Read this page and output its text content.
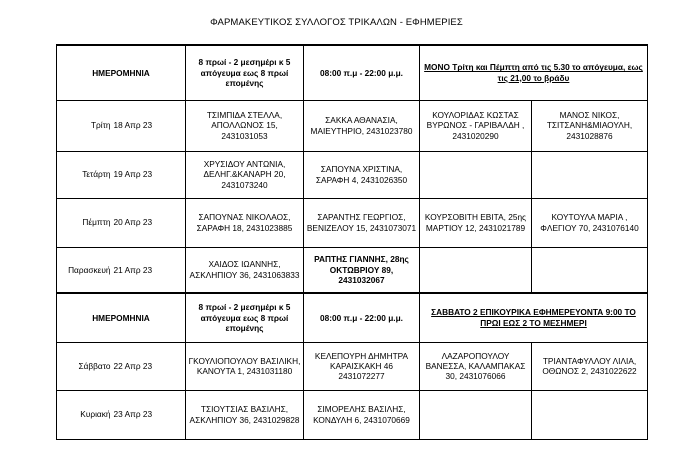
ΦΑΡΜΑΚΕΥΤΙΚΟΣ ΣΥΛΛΟΓΟΣ ΤΡΙΚΑΛΩΝ - ΕΦΗΜΕΡΙΕΣ
ΗΜΕΡΟΜΗΝΙΑ		8 πρωί - 2 μεσημέρι κ 5 απόγευμα εως 8 πρωί επομένης	08:00 π.μ - 22:00 μ.μ.	ΜΟΝΟ Τρίτη και Πέμπτη από τις 5.30 το απόγευμα, εως τις 21,00 το βράδυ	
Τρίτη	18 Απρ 23	ΤΣΙΜΠΙΔΑ ΣΤΕΛΛΑ, ΑΠΟΛΛΩΝΟΣ 15, 2431031053	ΣΑΚΚΑ ΑΘΑΝΑΣΙΑ, ΜΑΙΕΥΤΗΡΙΟ, 2431023780	ΚΟΥΛΟΡΙΔΑΣ ΚΩΣΤΑΣ ΒΥΡΩΝΟΣ - ΓΑΡΙΒΑΛΔΗ , 2431020290	ΜΑΝΟΣ ΝΙΚΟΣ, ΤΣΙΤΣΑΝΗ&ΜΙΑΟΥΛΗ, 2431028876
Τετάρτη	19 Απρ 23	ΧΡΥΣΙΔΟΥ ΑΝΤΩΝΙΑ, ΔΕΛΗΓ.&ΚΑΝΑΡΗ 20, 2431073240	ΣΑΠΟΥΝΑ ΧΡΙΣΤΙΝΑ, ΣΑΡΑΦΗ 4, 2431026350		
Πέμπτη	20 Απρ 23	ΣΑΠΟΥΝΑΣ ΝΙΚΟΛΑΟΣ, ΣΑΡΑΦΗ 18, 2431023885	ΣΑΡΑΝΤΗΣ ΓΕΩΡΓΙΟΣ, ΒΕΝΙΖΕΛΟΥ 15, 2431073071	ΚΟΥΡΣΟΒΙΤΗ ΕΒΙΤΑ, 25ης ΜΑΡΤΙΟΥ 12, 2431021789	ΚΟΥΤΟΥΛΑ ΜΑΡΙΑ , ΦΛΕΓΙΟΥ 70, 2431076140
Παρασκευή	21 Απρ 23	ΧΑΙΔΟΣ ΙΩΑΝΝΗΣ, ΑΣΚΛΗΠΙΟΥ 36, 2431063833	ΡΑΠΤΗΣ ΓΙΑΝΝΗΣ, 28ης ΟΚΤΩΒΡΙΟΥ 89, 2431032067		
ΗΜΕΡΟΜΗΝΙΑ		8 πρωί - 2 μεσημέρι κ 5 απόγευμα εως 8 πρωί επομένης	08:00 π.μ - 22:00 μ.μ.	ΣΑΒΒΑΤΟ 2 ΕΠΙΚΟΥΡΙΚΑ ΕΦΗΜΕΡΕΥΟΝΤΑ 9:00 ΤΟ ΠΡΩΙ ΕΩΣ 2 ΤΟ ΜΕΣΗΜΕΡΙ	
Σάββατο	22 Απρ 23	ΓΚΟΥΛΙΟΠΟΥΛΟΥ ΒΑΣΙΛΙΚΗ, ΚΑΝΟΥΤΑ 1, 2431031180	ΚΕΛΕΠΟΥΡΗ ΔΗΜΗΤΡΑ ΚΑΡΑΙΣΚΑΚΗ 46 2431072277	ΛΑΖΑΡΟΠΟΥΛΟΥ ΒΑΝΕΣΣΑ, ΚΑΛΑΜΠΑΚΑΣ 30, 2431076066	ΤΡΙΑΝΤΑΦΥΛΛΟΥ ΛΙΛΙΑ, ΟΘΩΝΟΣ 2, 2431022622
Κυριακή	23 Απρ 23	ΤΣΙΟΥΤΣΙΑΣ ΒΑΣΙΛΗΣ, ΑΣΚΛΗΠΙΟΥ 36, 2431029828	ΣΙΜΟΡΕΛΗΣ ΒΑΣΙΛΗΣ, ΚΟΝΔΥΛΗ 6, 2431070669		
